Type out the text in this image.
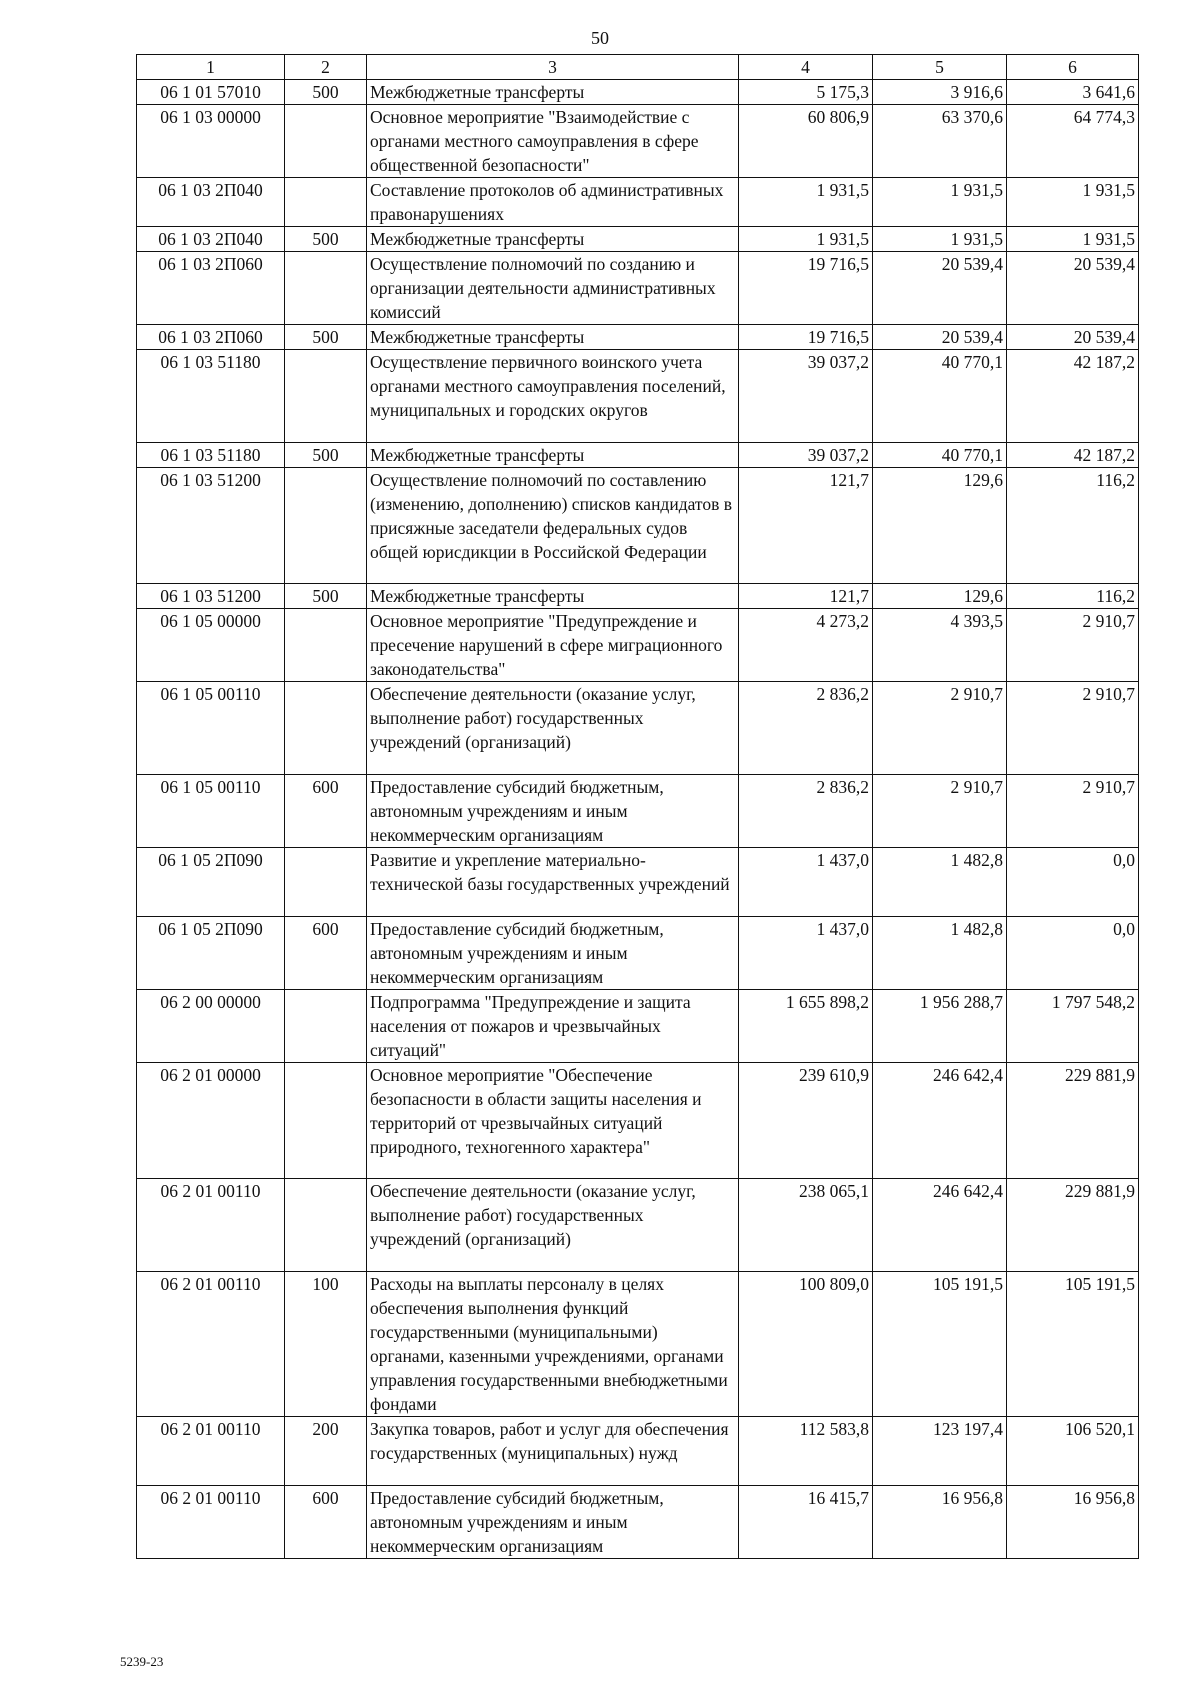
50
1	2	3	4	5	6
06 1 01 57010	500	Межбюджетные трансферты	5 175,3	3 916,6	3 641,6
06 1 03 00000		Основное мероприятие "Взаимодействие с органами местного самоуправления в сфере общественной безопасности"	60 806,9	63 370,6	64 774,3
06 1 03 2П040		Составление протоколов об административных правонарушениях	1 931,5	1 931,5	1 931,5
06 1 03 2П040	500	Межбюджетные трансферты	1 931,5	1 931,5	1 931,5
06 1 03 2П060		Осуществление полномочий по созданию и организации деятельности административных комиссий	19 716,5	20 539,4	20 539,4
06 1 03 2П060	500	Межбюджетные трансферты	19 716,5	20 539,4	20 539,4
06 1 03 51180		Осуществление первичного воинского учета органами местного самоуправления поселений, муниципальных и городских округов	39 037,2	40 770,1	42 187,2
06 1 03 51180	500	Межбюджетные трансферты	39 037,2	40 770,1	42 187,2
06 1 03 51200		Осуществление полномочий по составлению (изменению, дополнению) списков кандидатов в присяжные заседатели федеральных судов общей юрисдикции в Российской Федерации	121,7	129,6	116,2
06 1 03 51200	500	Межбюджетные трансферты	121,7	129,6	116,2
06 1 05 00000		Основное мероприятие "Предупреждение и пресечение нарушений в сфере миграционного законодательства"	4 273,2	4 393,5	2 910,7
06 1 05 00110		Обеспечение деятельности (оказание услуг, выполнение работ) государственных учреждений (организаций)	2 836,2	2 910,7	2 910,7
06 1 05 00110	600	Предоставление субсидий бюджетным, автономным учреждениям и иным некоммерческим организациям	2 836,2	2 910,7	2 910,7
06 1 05 2П090		Развитие и укрепление материально-технической базы государственных учреждений	1 437,0	1 482,8	0,0
06 1 05 2П090	600	Предоставление субсидий бюджетным, автономным учреждениям и иным некоммерческим организациям	1 437,0	1 482,8	0,0
06 2 00 00000		Подпрограмма "Предупреждение и защита населения от пожаров и чрезвычайных ситуаций"	1 655 898,2	1 956 288,7	1 797 548,2
06 2 01 00000		Основное мероприятие "Обеспечение безопасности в области защиты населения и территорий от чрезвычайных ситуаций природного, техногенного характера"	239 610,9	246 642,4	229 881,9
06 2 01 00110		Обеспечение деятельности (оказание услуг, выполнение работ) государственных учреждений (организаций)	238 065,1	246 642,4	229 881,9
06 2 01 00110	100	Расходы на выплаты персоналу в целях обеспечения выполнения функций государственными (муниципальными) органами, казенными учреждениями, органами управления государственными внебюджетными фондами	100 809,0	105 191,5	105 191,5
06 2 01 00110	200	Закупка товаров, работ и услуг для обеспечения государственных (муниципальных) нужд	112 583,8	123 197,4	106 520,1
06 2 01 00110	600	Предоставление субсидий бюджетным, автономным учреждениям и иным некоммерческим организациям	16 415,7	16 956,8	16 956,8
5239-23
